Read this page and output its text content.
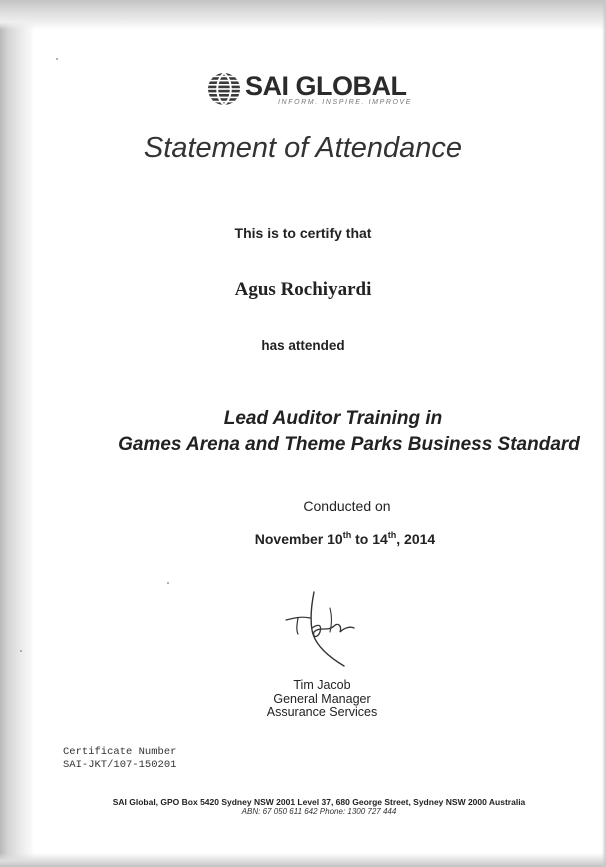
SAI GLOBAL
INFORM. INSPIRE. IMPROVE
Statement of Attendance
This is to certify that
Agus Rochiyardi
has attended
Lead Auditor Training in
Games Arena and Theme Parks Business Standard
Conducted on
November 10th to 14th, 2014
Tim Jacob
General Manager
Assurance Services
Certificate Number
SAI-JKT/107-150201
SAI Global, GPO Box 5420 Sydney NSW 2001 Level 37, 680 George Street, Sydney NSW 2000 Australia
ABN: 67 050 611 642 Phone: 1300 727 444
